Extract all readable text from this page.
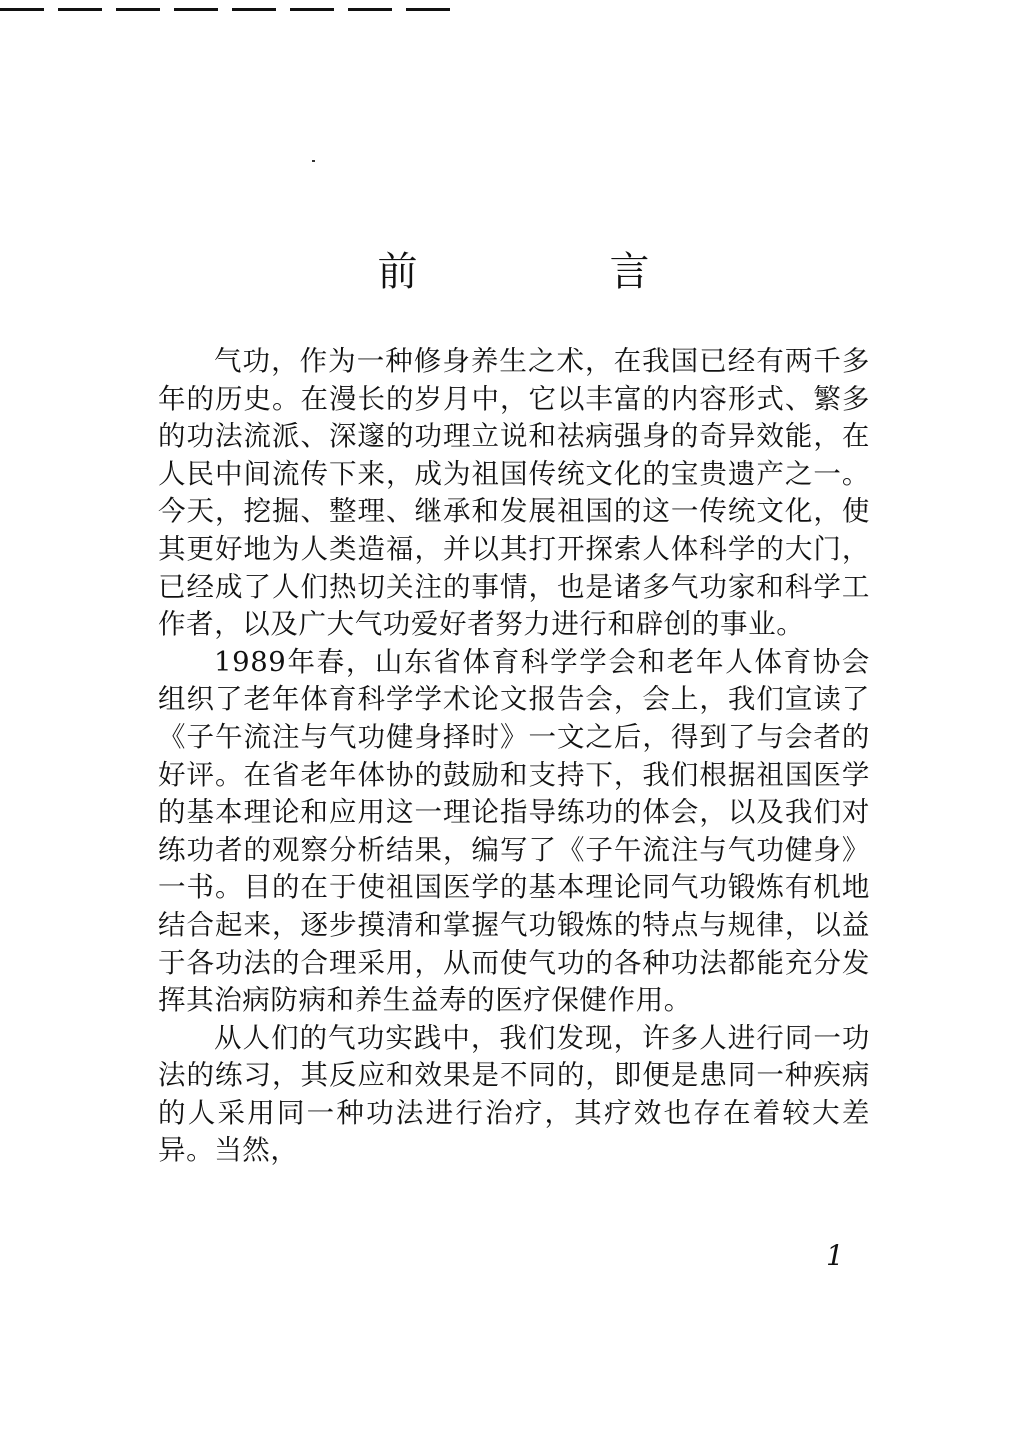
前　言

气功，作为一种修身养生之术，在我国已经有两千多年的历史。在漫长的岁月中，它以丰富的内容形式、繁多的功法流派、深邃的功理立说和祛病强身的奇异效能，在人民中间流传下来，成为祖国传统文化的宝贵遗产之一。今天，挖掘、整理、继承和发展祖国的这一传统文化，使其更好地为人类造福，并以其打开探索人体科学的大门，已经成了人们热切关注的事情，也是诸多气功家和科学工作者，以及广大气功爱好者努力进行和辟创的事业。

1989年春，山东省体育科学学会和老年人体育协会组织了老年体育科学学术论文报告会，会上，我们宣读了《子午流注与气功健身择时》一文之后，得到了与会者的好评。在省老年体协的鼓励和支持下，我们根据祖国医学的基本理论和应用这一理论指导练功的体会，以及我们对练功者的观察分析结果，编写了《子午流注与气功健身》一书。目的在于使祖国医学的基本理论同气功锻炼有机地结合起来，逐步摸清和掌握气功锻炼的特点与规律，以益于各功法的合理采用，从而使气功的各种功法都能充分发挥其治病防病和养生益寿的医疗保健作用。

从人们的气功实践中，我们发现，许多人进行同一功法的练习，其反应和效果是不同的，即便是患同一种疾病的人采用同一种功法进行治疗，其疗效也存在着较大差异。当然，

1
